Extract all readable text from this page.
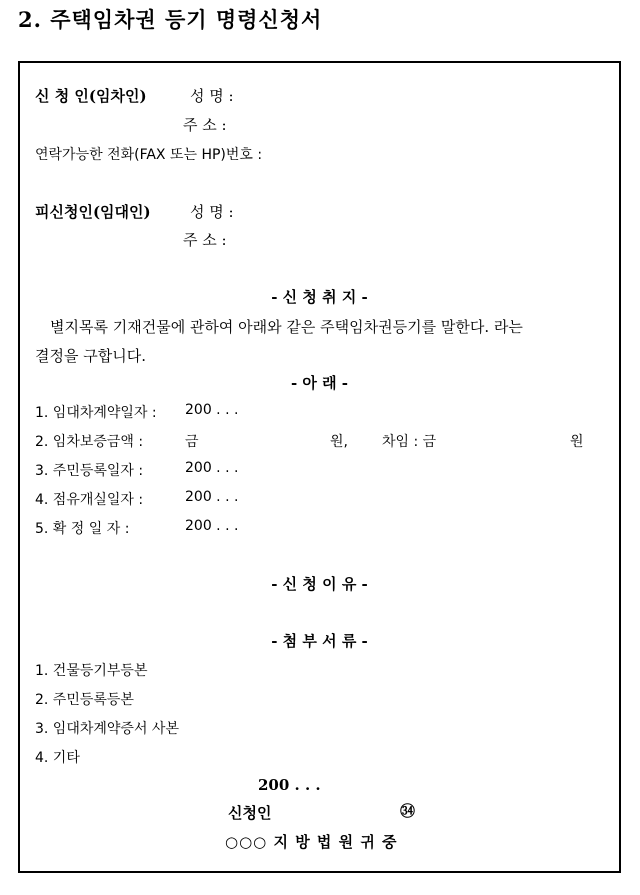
2. 주택임차권 등기 명령신청서
신 청 인(임차인)	성 명 :
주 소 :
연락가능한 전화(FAX 또는 HP)번호 :
피신청인(임대인)	성 명 :
주 소 :
- 신 청 취 지 -
별지목록 기재건물에 관하여 아래와 같은 주택임차권등기를 말한다. 라는
결정을 구합니다.
- 아 래 -
1. 임대차계약일자 : 200 . . .
2. 임차보증금액 :	금	원, 차임 : 금	원
3. 주민등록일자 :	200 . . .
4. 점유개실일자 :	200 . . .
5. 확 정 일 자 :	200 . . .
- 신 청 이 유 -
- 첨 부 서 류 -
1. 건물등기부등본
2. 주민등록등본
3. 임대차계약증서 사본
4. 기타
200 . . .
신청인	㉞
○○○ 지 방 법 원 귀 중
